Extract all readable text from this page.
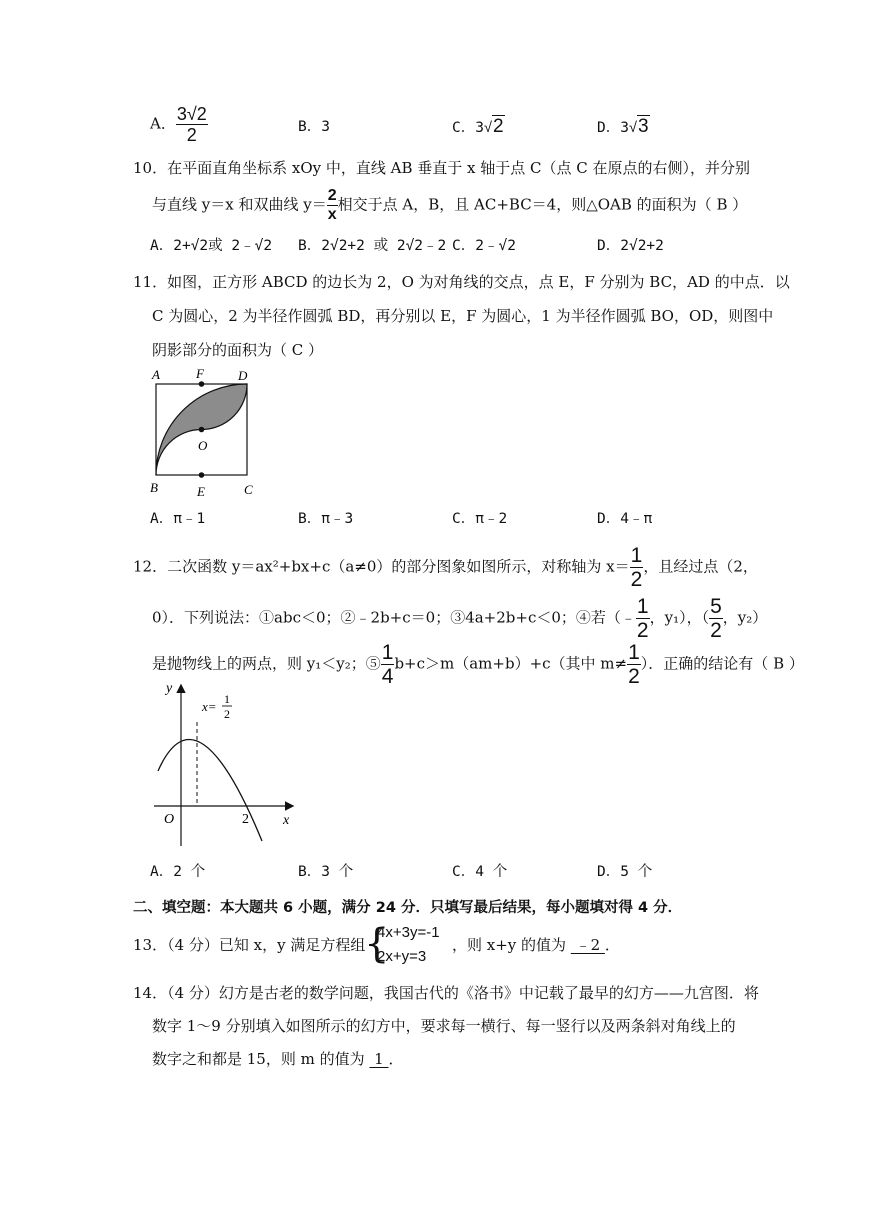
A． $\frac{3√2}{2}$	B．3	C．3√2	D．3√3
10．在平面直角坐标系 xOy 中，直线 AB 垂直于 x 轴于点 C（点 C 在原点的右侧），并分别
与直线 y＝x 和双曲线 $y= \frac{2}{x}$ 相交于点 A，B，且 AC+BC＝4，则△OAB 的面积为（ B ）
A．2+√2或 2﹣√2 B．2√2+2 或 2√2﹣2 C．2﹣√2	D．2√2+2
11．如图，正方形 ABCD 的边长为 2，O 为对角线的交点，点 E，F 分别为 BC，AD 的中点．以
C 为圆心，2 为半径作圆弧 BD，再分别以 E，F 为圆心，1 为半径作圆弧 BO，OD，则图中
阴影部分的面积为（ C ）
A	F	D
O
B	E	C
A．π﹣1	B．π﹣3	C．π﹣2	D．4﹣π
12．二次函数 y＝ax²+bx+c（a≠0）的部分图象如图所示，对称轴为 $x= \frac{1}{2}$ ，且经过点（2，
0）．下列说法：①abc＜0；②﹣2b+c＝0；③4a+2b+c＜0；④若（﹣ $\frac{1}{2}$ ，y₁），（ $\frac{5}{2}$ ，y₂）
是抛物线上的两点，则 y₁＜y₂；⑤ $\frac{1}{4} b+c>m(am+b)+c$（其中 $m\ne \frac{1}{2}$ ）．正确的结论有（ B ）
y
x
O	2
x= 1
2
A．2 个	B．3 个	C．4 个	D．5 个
二、填空题：本大题共 6 小题，满分 24 分．只填写最后结果，每小题填对得 4 分．
13．（4 分）已知 x，y 满足方程组
{
4x+3y=-1
2x+y=3
，则 x+y 的值为  ﹣2 ．
14．（4 分）幻方是古老的数学问题，我国古代的《洛书》中记载了最早的幻方——九宫图．将
数字 1～9 分别填入如图所示的幻方中，要求每一横行、每一竖行以及两条斜对角线上的
数字之和都是 15，则 m 的值为  1 ．
